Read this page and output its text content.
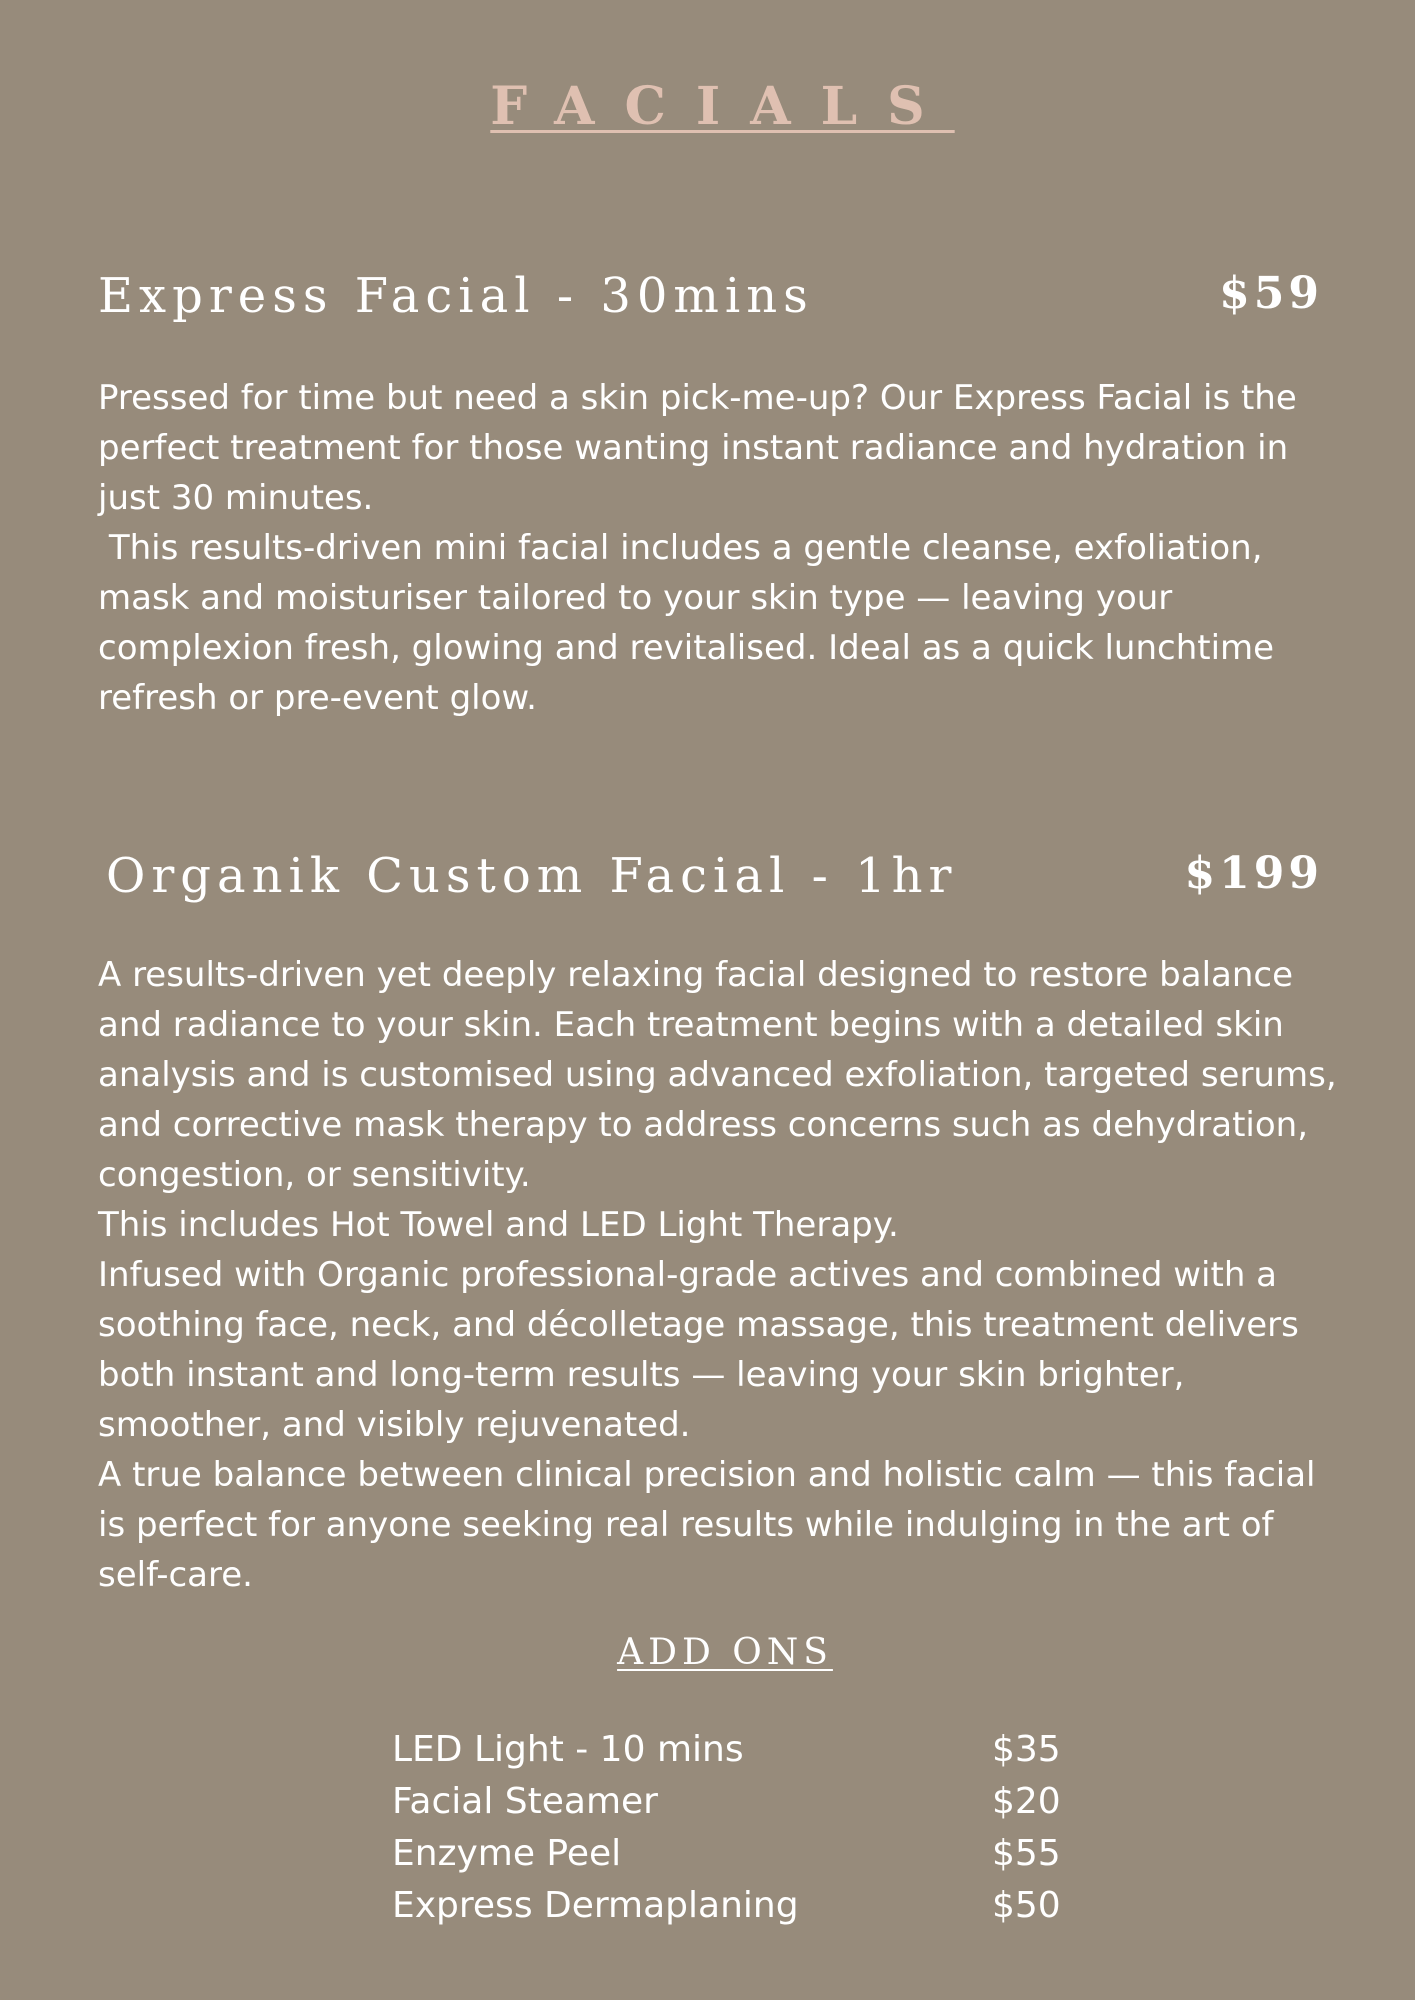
FACIALS
Express Facial - 30mins	$59

Pressed for time but need a skin pick-me-up? Our Express Facial is the perfect treatment for those wanting instant radiance and hydration in just 30 minutes.

This results-driven mini facial includes a gentle cleanse, exfoliation, mask and moisturiser tailored to your skin type — leaving your complexion fresh, glowing and revitalised. Ideal as a quick lunchtime refresh or pre-event glow.

Organik Custom Facial - 1hr	$199

A results-driven yet deeply relaxing facial designed to restore balance and radiance to your skin. Each treatment begins with a detailed skin analysis and is customised using advanced exfoliation, targeted serums, and corrective mask therapy to address concerns such as dehydration, congestion, or sensitivity.

This includes Hot Towel and LED Light Therapy.

Infused with Organic professional-grade actives and combined with a soothing face, neck, and décolletage massage, this treatment delivers both instant and long-term results — leaving your skin brighter, smoother, and visibly rejuvenated.

A true balance between clinical precision and holistic calm — this facial is perfect for anyone seeking real results while indulging in the art of self-care.

ADD ONS
LED Light - 10 mins	$35
Facial Steamer	$20
Enzyme Peel	$55
Express Dermaplaning	$50
